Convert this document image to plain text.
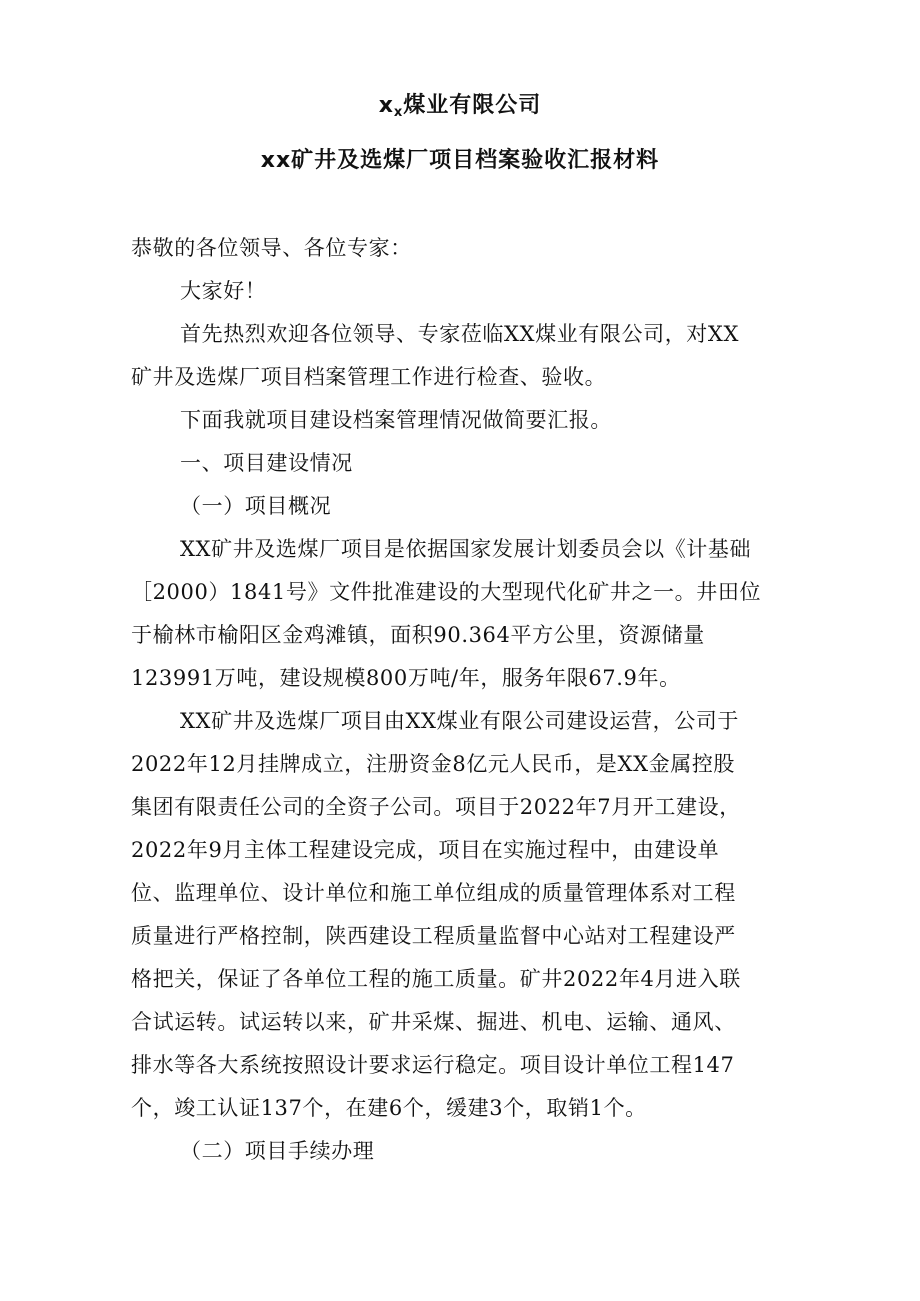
xx煤业有限公司
xx矿井及选煤厂项目档案验收汇报材料
恭敬的各位领导、各位专家：
大家好！
首先热烈欢迎各位领导、专家莅临XX煤业有限公司，对XX
矿井及选煤厂项目档案管理工作进行检查、验收。
下面我就项目建设档案管理情况做简要汇报。
一、项目建设情况
（一）项目概况
XX矿井及选煤厂项目是依据国家发展计划委员会以《计基础
［2000）1841号》文件批准建设的大型现代化矿井之一。井田位
于榆林市榆阳区金鸡滩镇，面积90.364平方公里，资源储量
123991万吨，建设规模800万吨/年，服务年限67.9年。
XX矿井及选煤厂项目由XX煤业有限公司建设运营，公司于
2022年12月挂牌成立，注册资金8亿元人民币，是XX金属控股
集团有限责任公司的全资子公司。项目于2022年7月开工建设，
2022年9月主体工程建设完成，项目在实施过程中，由建设单
位、监理单位、设计单位和施工单位组成的质量管理体系对工程
质量进行严格控制，陕西建设工程质量监督中心站对工程建设严
格把关，保证了各单位工程的施工质量。矿井2022年4月进入联
合试运转。试运转以来，矿井采煤、掘进、机电、运输、通风、
排水等各大系统按照设计要求运行稳定。项目设计单位工程147
个，竣工认证137个，在建6个，缓建3个，取销1个。
（二）项目手续办理
